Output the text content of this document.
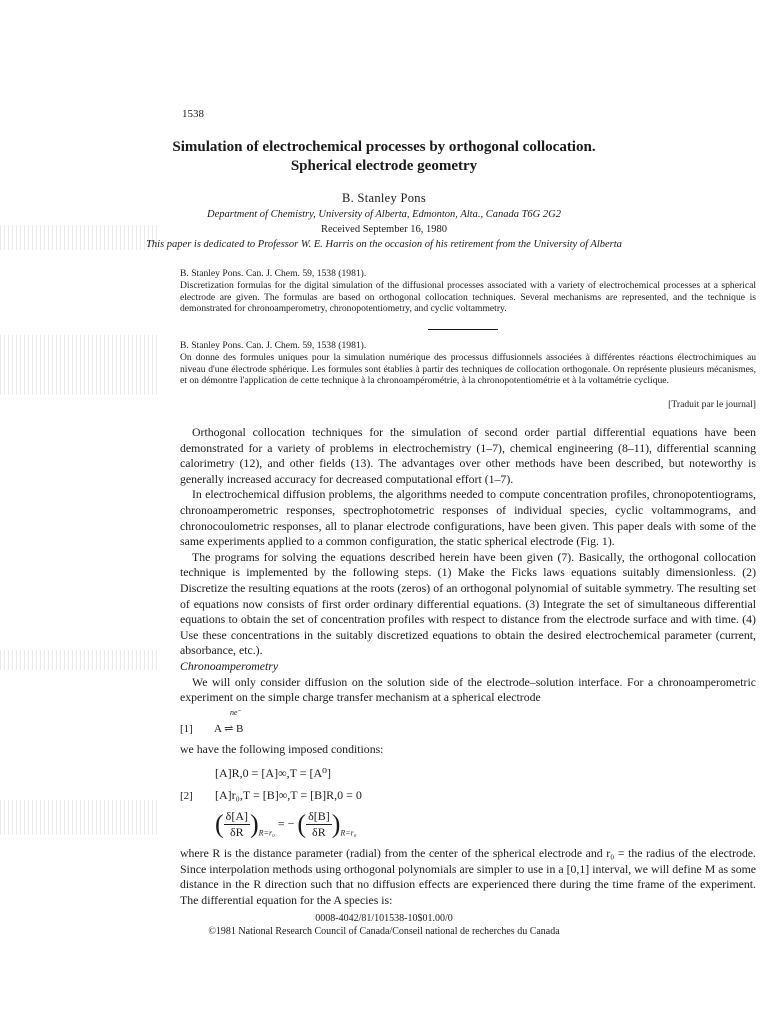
1538
Simulation of electrochemical processes by orthogonal collocation.
Spherical electrode geometry
B. Stanley Pons
Department of Chemistry, University of Alberta, Edmonton, Alta., Canada T6G 2G2
Received September 16, 1980
This paper is dedicated to Professor W. E. Harris on the occasion of his retirement from the University of Alberta
B. Stanley Pons. Can. J. Chem. 59, 1538 (1981).
Discretization formulas for the digital simulation of the diffusional processes associated with a variety of electrochemical processes at a spherical electrode are given. The formulas are based on orthogonal collocation techniques. Several mechanisms are represented, and the technique is demonstrated for chronoamperometry, chronopotentiometry, and cyclic voltammetry.
B. Stanley Pons. Can. J. Chem. 59, 1538 (1981).
On donne des formules uniques pour la simulation numérique des processus diffusionnels associées à différentes réactions électrochimiques au niveau d'une électrode sphérique. Les formules sont établies à partir des techniques de collocation orthogonale. On représente plusieurs mécanismes, et on démontre l'application de cette technique à la chronoampérométrie, à la chronopotentiométrie et à la voltamétrie cyclique.
[Traduit par le journal]

Orthogonal collocation techniques for the simulation of second order partial differential equations have been demonstrated for a variety of problems in electrochemistry (1–7), chemical engineering (8–11), differential scanning calorimetry (12), and other fields (13). The advantages over other methods have been described, but noteworthy is generally increased accuracy for decreased computational effort (1–7).

In electrochemical diffusion problems, the algorithms needed to compute concentration profiles, chronopotentiograms, chronoamperometric responses, spectrophotometric responses of individual species, cyclic voltammograms, and chronocoulometric responses, all to planar electrode configurations, have been given. This paper deals with some of the same experiments applied to a common configuration, the static spherical electrode (Fig. 1).

The programs for solving the equations described herein have been given (7). Basically, the orthogonal collocation technique is implemented by the following steps. (1) Make the Ficks laws equations suitably dimensionless. (2) Discretize the resulting equations at the roots (zeros) of an orthogonal polynomial of suitable symmetry. The resulting set of equations now consists of first order ordinary differential equations. (3) Integrate the set of simultaneous differential equations to obtain the set of concentration profiles with respect to distance from the electrode surface and with time. (4) Use these concentrations in the suitably discretized equations to obtain the desired electrochemical parameter (current, absorbance, etc.).

Chronoamperometry

We will only consider diffusion on the solution side of the electrode–solution interface. For a chronoamperometric experiment on the simple charge transfer mechanism at a spherical electrode

[1]
ne⁻
A ⇌ B
we have the following imposed conditions:
[A]R,0 = [A]∞,T = [A⁰]
[2] [A]r₀,T = [B]∞,T = [B]R,0 = 0
( $\frac{\delta[A]}{\delta R} )_{R=r_0}$ = − ( $\frac{\delta[B]}{\delta R} )_{R=r_0}$

where R is the distance parameter (radial) from the center of the spherical electrode and r₀ = the radius of the electrode. Since interpolation methods using orthogonal polynomials are simpler to use in a [0,1] interval, we will define M as some distance in the R direction such that no diffusion effects are experienced there during the time frame of the experiment. The differential equation for the A species is:

0008-4042/81/101538-10$01.00/0
©1981 National Research Council of Canada/Conseil national de recherches du Canada
